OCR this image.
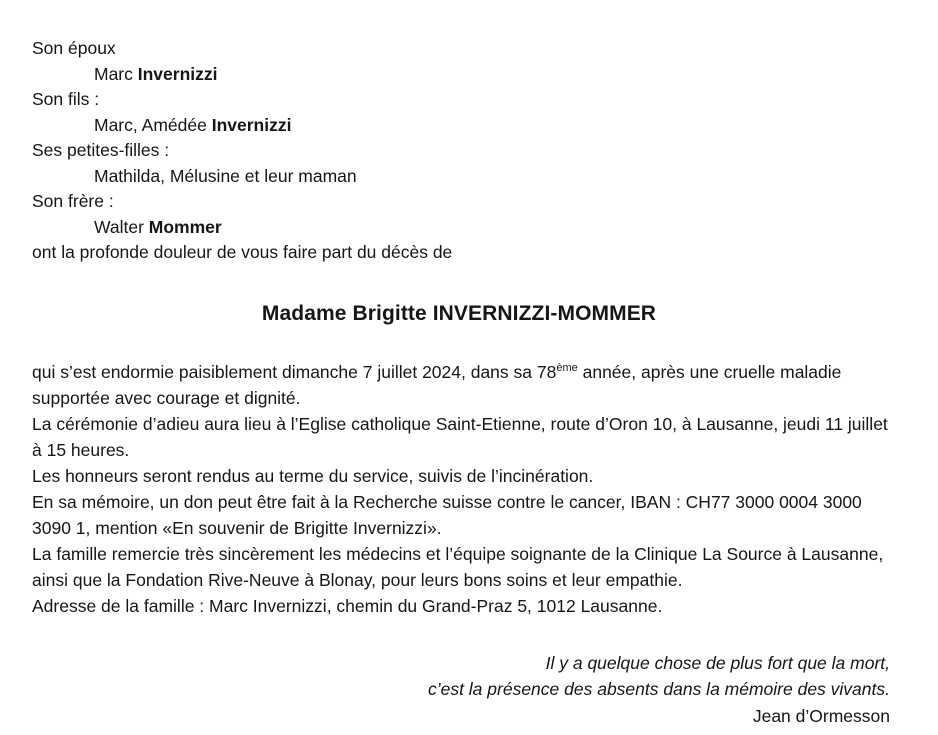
Son époux

Marc Invernizzi

Son fils :

Marc, Amédée Invernizzi

Ses petites-filles :

Mathilda, Mélusine et leur maman

Son frère :

Walter Mommer

ont la profonde douleur de vous faire part du décès de

Madame Brigitte INVERNIZZI-MOMMER

qui s’est endormie paisiblement dimanche 7 juillet 2024, dans sa 78ème année, après une cruelle maladie supportée avec courage et dignité.

La cérémonie d’adieu aura lieu à l’Eglise catholique Saint-Etienne, route d’Oron 10, à Lausanne, jeudi 11 juillet à 15 heures.

Les honneurs seront rendus au terme du service, suivis de l’incinération.

En sa mémoire, un don peut être fait à la Recherche suisse contre le cancer, IBAN : CH77 3000 0004 3000 3090 1, mention «En souvenir de Brigitte Invernizzi».

La famille remercie très sincèrement les médecins et l’équipe soignante de la Clinique La Source à Lausanne, ainsi que la Fondation Rive-Neuve à Blonay, pour leurs bons soins et leur empathie.

Adresse de la famille : Marc Invernizzi, chemin du Grand-Praz 5, 1012 Lausanne.

Il y a quelque chose de plus fort que la mort,
c’est la présence des absents dans la mémoire des vivants.
Jean d’Ormesson
